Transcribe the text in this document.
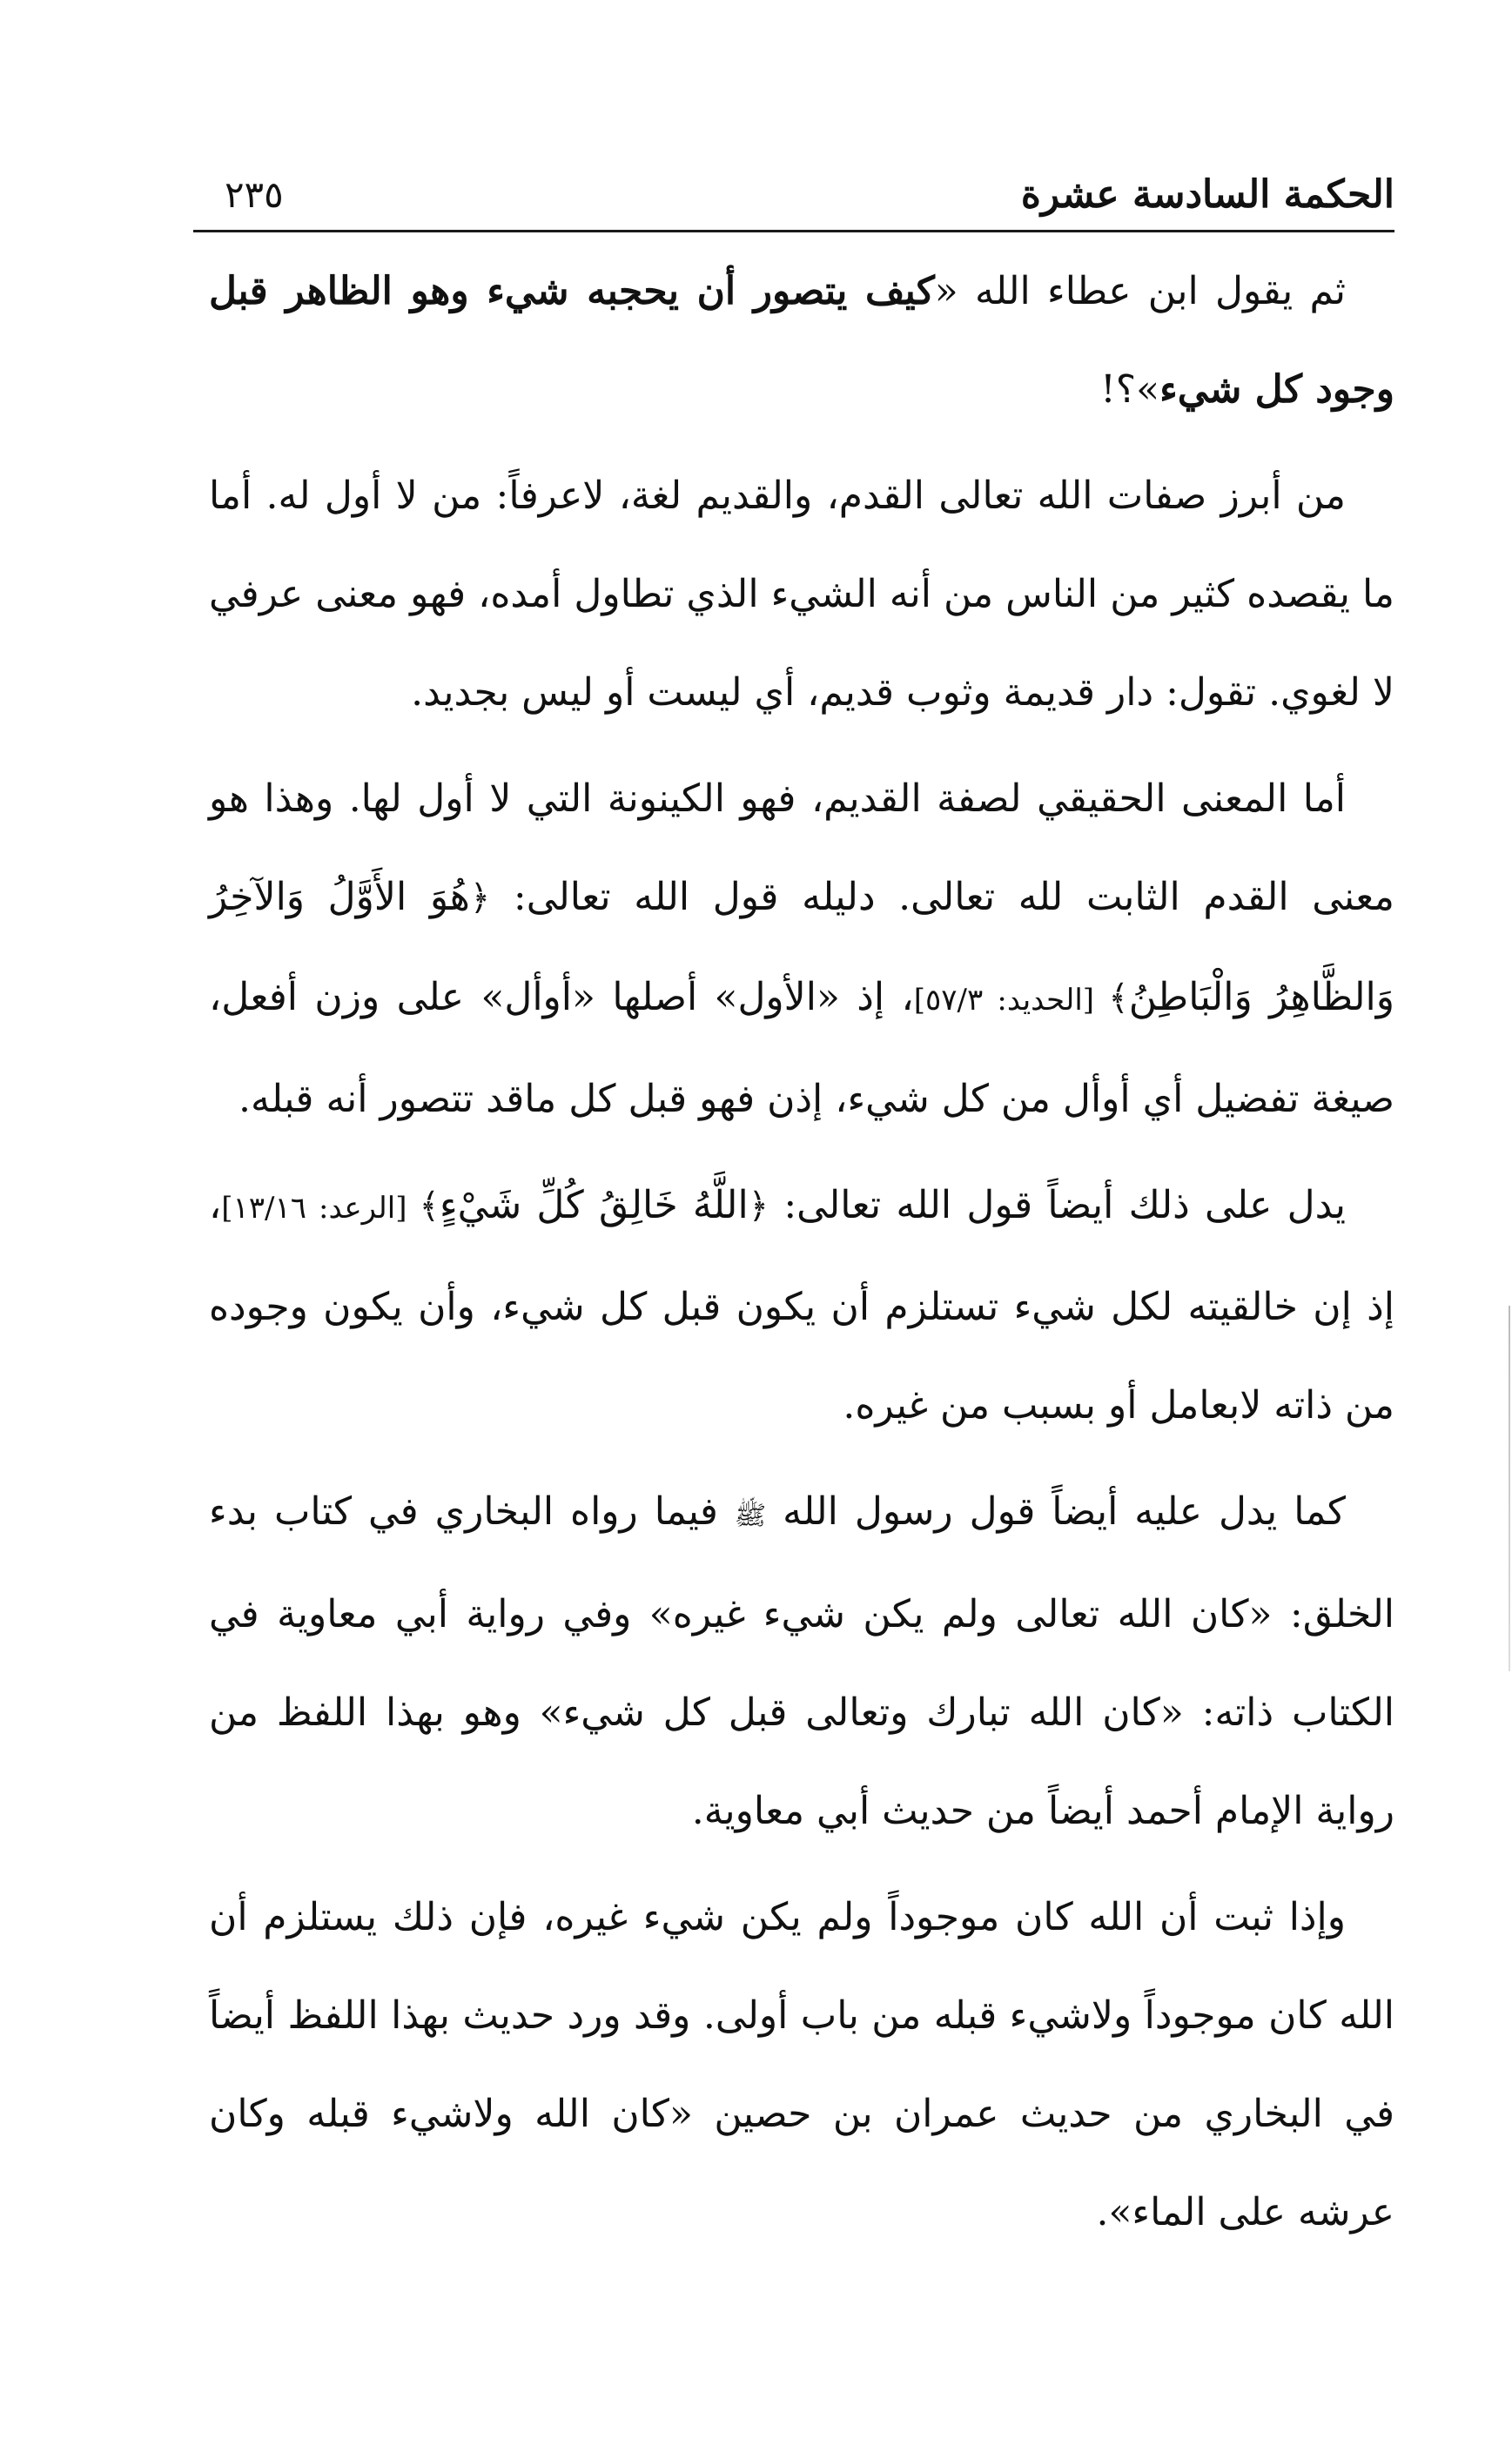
الحكمة السادسة عشرة
٢٣٥

ثم يقول ابن عطاء الله «كيف يتصور أن يحجبه شيء وهو الظاهر قبل وجود كل شيء»؟!

من أبرز صفات الله تعالى القدم، والقديم لغة، لاعرفاً: من لا أول له. أما ما يقصده كثير من الناس من أنه الشيء الذي تطاول أمده، فهو معنى عرفي لا لغوي. تقول: دار قديمة وثوب قديم، أي ليست أو ليس بجديد.

أما المعنى الحقيقي لصفة القديم، فهو الكينونة التي لا أول لها. وهذا هو معنى القدم الثابت لله تعالى. دليله قول الله تعالى: ﴿هُوَ الأَوَّلُ وَالآخِرُ وَالظَّاهِرُ وَالْبَاطِنُ﴾ [الحديد: ٥٧/٣]، إذ «الأول» أصلها «أوأل» على وزن أفعل، صيغة تفضيل أي أوأل من كل شيء، إذن فهو قبل كل ماقد تتصور أنه قبله.

يدل على ذلك أيضاً قول الله تعالى: ﴿اللَّهُ خَالِقُ كُلِّ شَيْءٍ﴾ [الرعد: ١٣/١٦]، إذ إن خالقيته لكل شيء تستلزم أن يكون قبل كل شيء، وأن يكون وجوده من ذاته لابعامل أو بسبب من غيره.

كما يدل عليه أيضاً قول رسول الله ﷺ فيما رواه البخاري في كتاب بدء الخلق: «كان الله تعالى ولم يكن شيء غيره» وفي رواية أبي معاوية في الكتاب ذاته: «كان الله تبارك وتعالى قبل كل شيء» وهو بهذا اللفظ من رواية الإمام أحمد أيضاً من حديث أبي معاوية.

وإذا ثبت أن الله كان موجوداً ولم يكن شيء غيره، فإن ذلك يستلزم أن الله كان موجوداً ولاشيء قبله من باب أولى. وقد ورد حديث بهذا اللفظ أيضاً في البخاري من حديث عمران بن حصين «كان الله ولاشيء قبله وكان عرشه على الماء».
